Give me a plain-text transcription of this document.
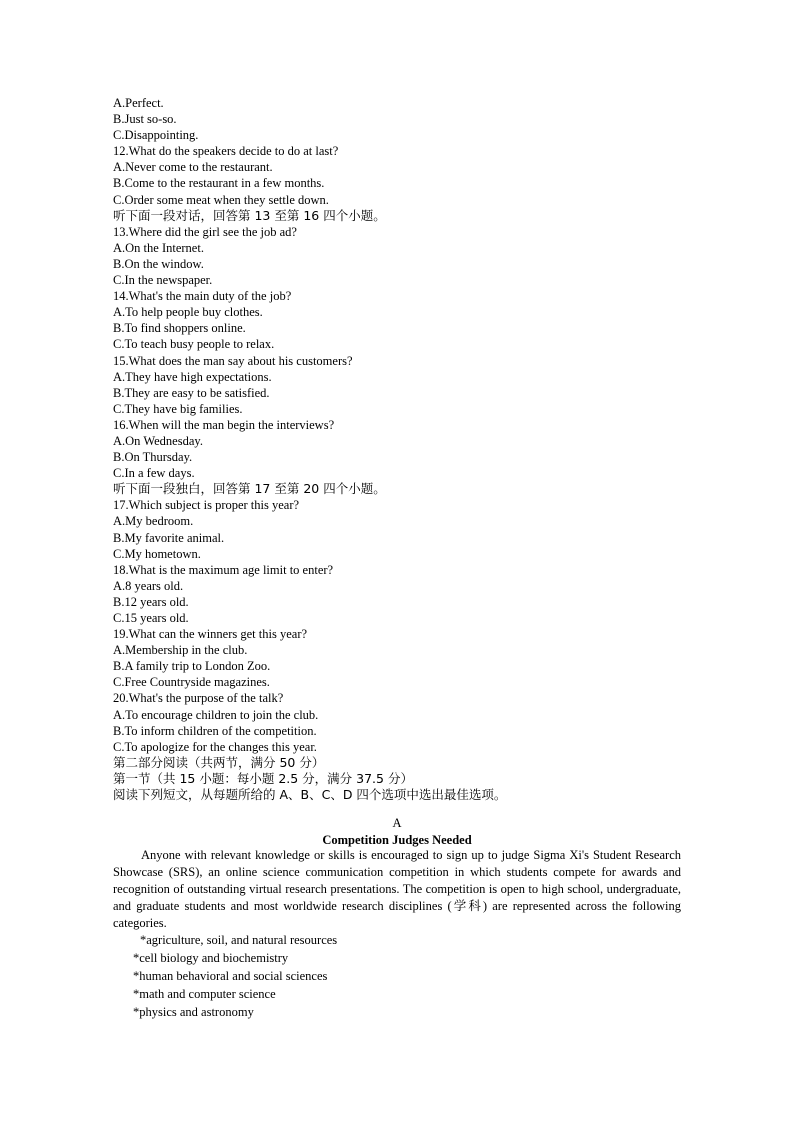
A.Perfect.
B.Just so-so.
C.Disappointing.
12.What do the speakers decide to do at last?
A.Never come to the restaurant.
B.Come to the restaurant in a few months.
C.Order some meat when they settle down.
听下面一段对话，回答第 13 至第 16 四个小题。
13.Where did the girl see the job ad?
A.On the Internet.
B.On the window.
C.In the newspaper.
14.What's the main duty of the job?
A.To help people buy clothes.
B.To find shoppers online.
C.To teach busy people to relax.
15.What does the man say about his customers?
A.They have high expectations.
B.They are easy to be satisfied.
C.They have big families.
16.When will the man begin the interviews?
A.On Wednesday.
B.On Thursday.
C.In a few days.
听下面一段独白，回答第 17 至第 20 四个小题。
17.Which subject is proper this year?
A.My bedroom.
B.My favorite animal.
C.My hometown.
18.What is the maximum age limit to enter?
A.8 years old.
B.12 years old.
C.15 years old.
19.What can the winners get this year?
A.Membership in the club.
B.A family trip to London Zoo.
C.Free Countryside magazines.
20.What's the purpose of the talk?
A.To encourage children to join the club.
B.To inform children of the competition.
C.To apologize for the changes this year.
第二部分阅读（共两节，满分 50 分）
第一节（共 15 小题：每小题 2.5 分，满分 37.5 分）
阅读下列短文，从每题所给的 A、B、C、D 四个选项中选出最佳选项。
A
Competition Judges Needed
Anyone with relevant knowledge or skills is encouraged to sign up to judge Sigma Xi's Student Research Showcase (SRS), an online science communication competition in which students compete for awards and recognition of outstanding virtual research presentations. The competition is open to high school, undergraduate, and graduate students and most worldwide research disciplines (学科) are represented across the following categories.
*agriculture, soil, and natural resources
*cell biology and biochemistry
*human behavioral and social sciences
*math and computer science
*physics and astronomy
